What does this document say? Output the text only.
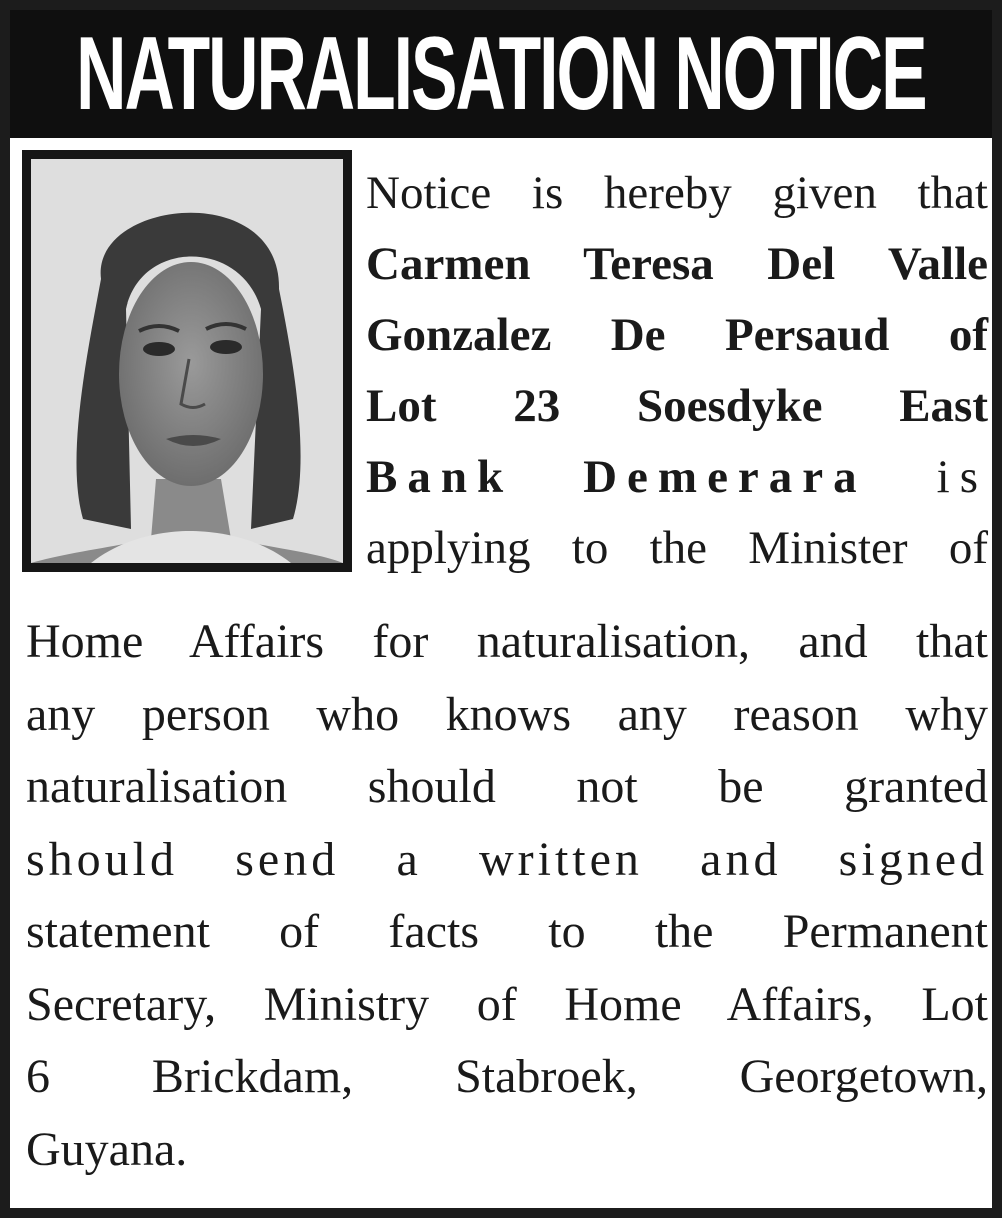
NATURALISATION NOTICE
Notice is hereby given that
Carmen Teresa Del Valle
Gonzalez De Persaud of
Lot 23 Soesdyke East
Bank Demerara is
applying to the Minister of
Home Affairs for naturalisation, and that
any person who knows any reason why
naturalisation should not be granted
should send a written and signed
statement of facts to the Permanent
Secretary, Ministry of Home Affairs, Lot
6 Brickdam, Stabroek, Georgetown,
Guyana.
